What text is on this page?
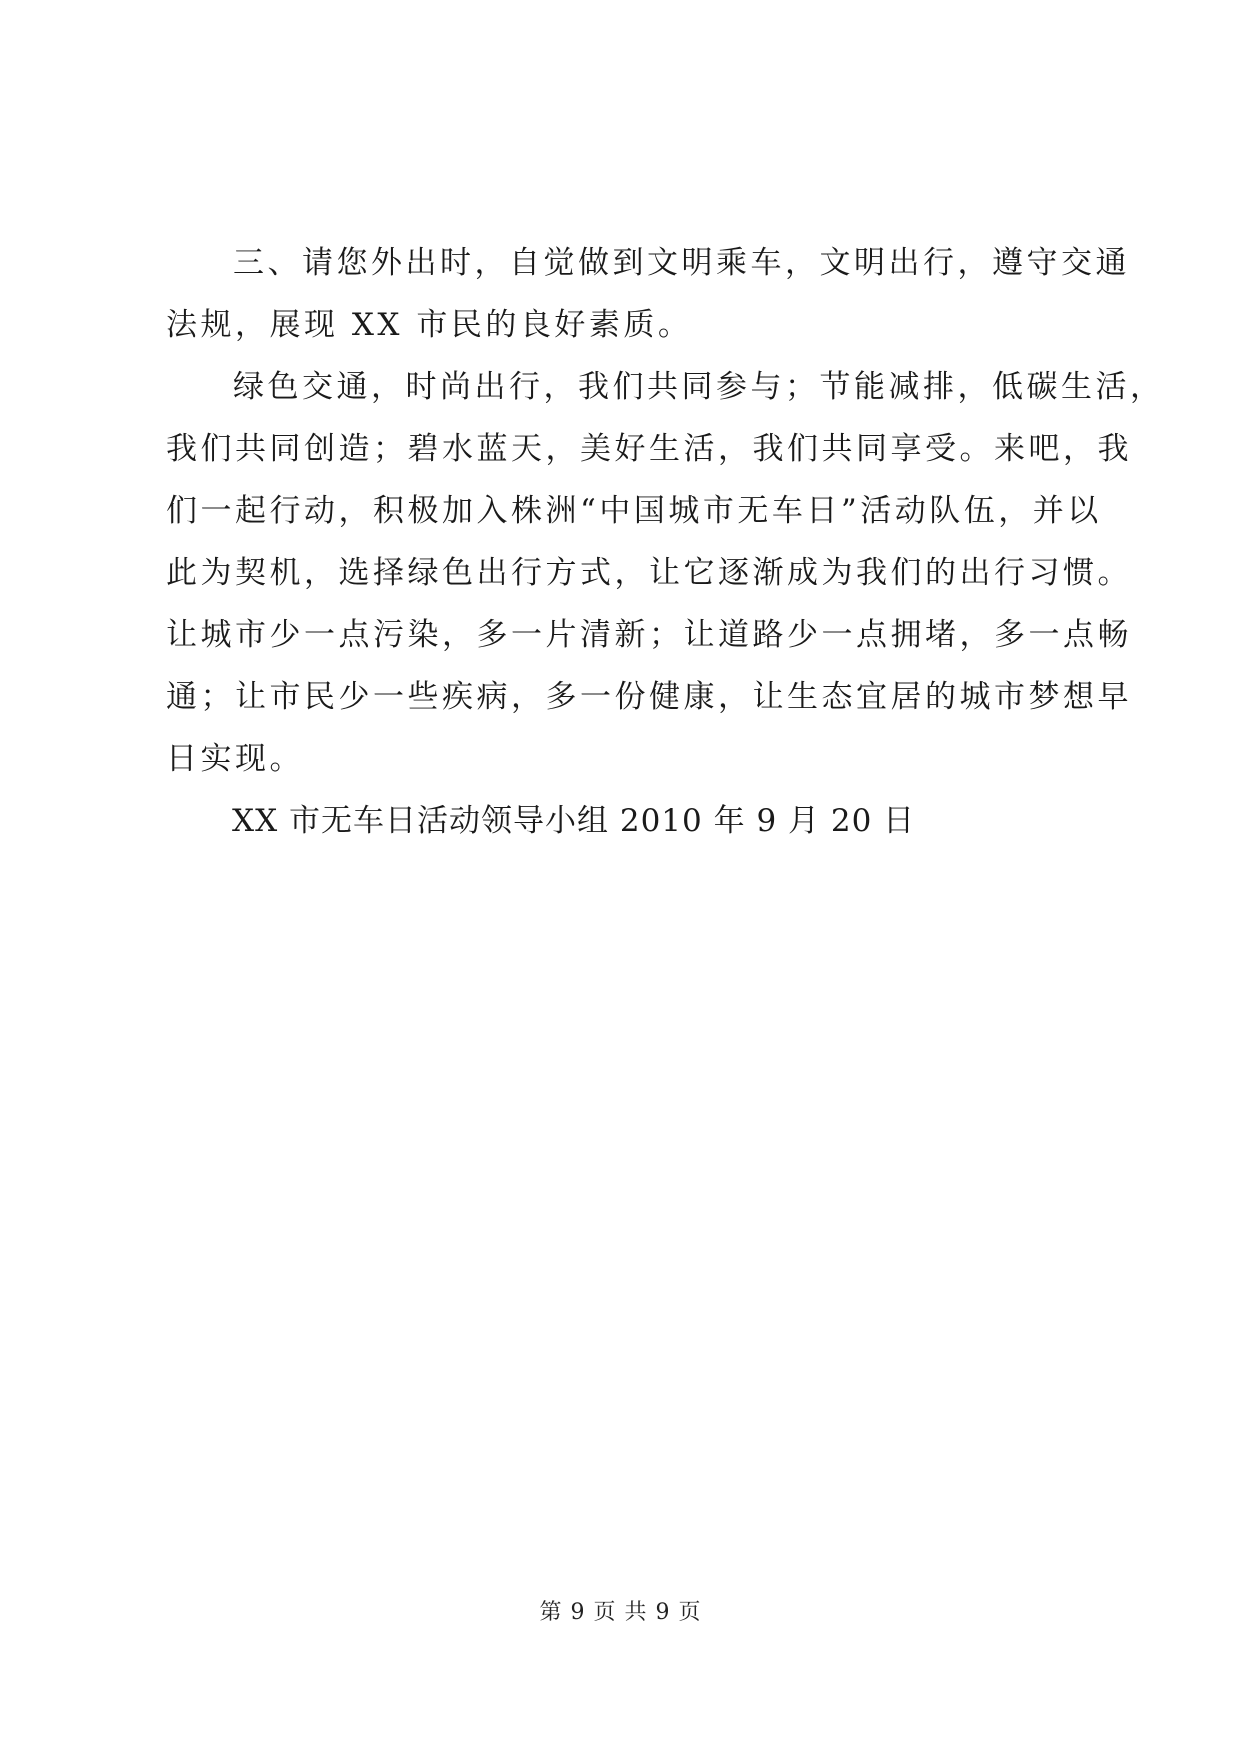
三、请您外出时，自觉做到文明乘车，文明出行，遵守交通
法规，展现 XX 市民的良好素质。
绿色交通，时尚出行，我们共同参与；节能减排，低碳生活，
我们共同创造；碧水蓝天，美好生活，我们共同享受。来吧，我
们一起行动，积极加入株洲“中国城市无车日”活动队伍，并以
此为契机，选择绿色出行方式，让它逐渐成为我们的出行习惯。
让城市少一点污染，多一片清新；让道路少一点拥堵，多一点畅
通；让市民少一些疾病，多一份健康，让生态宜居的城市梦想早
日实现。
XX 市无车日活动领导小组 2010 年 9 月 20 日
第 9 页 共 9 页
